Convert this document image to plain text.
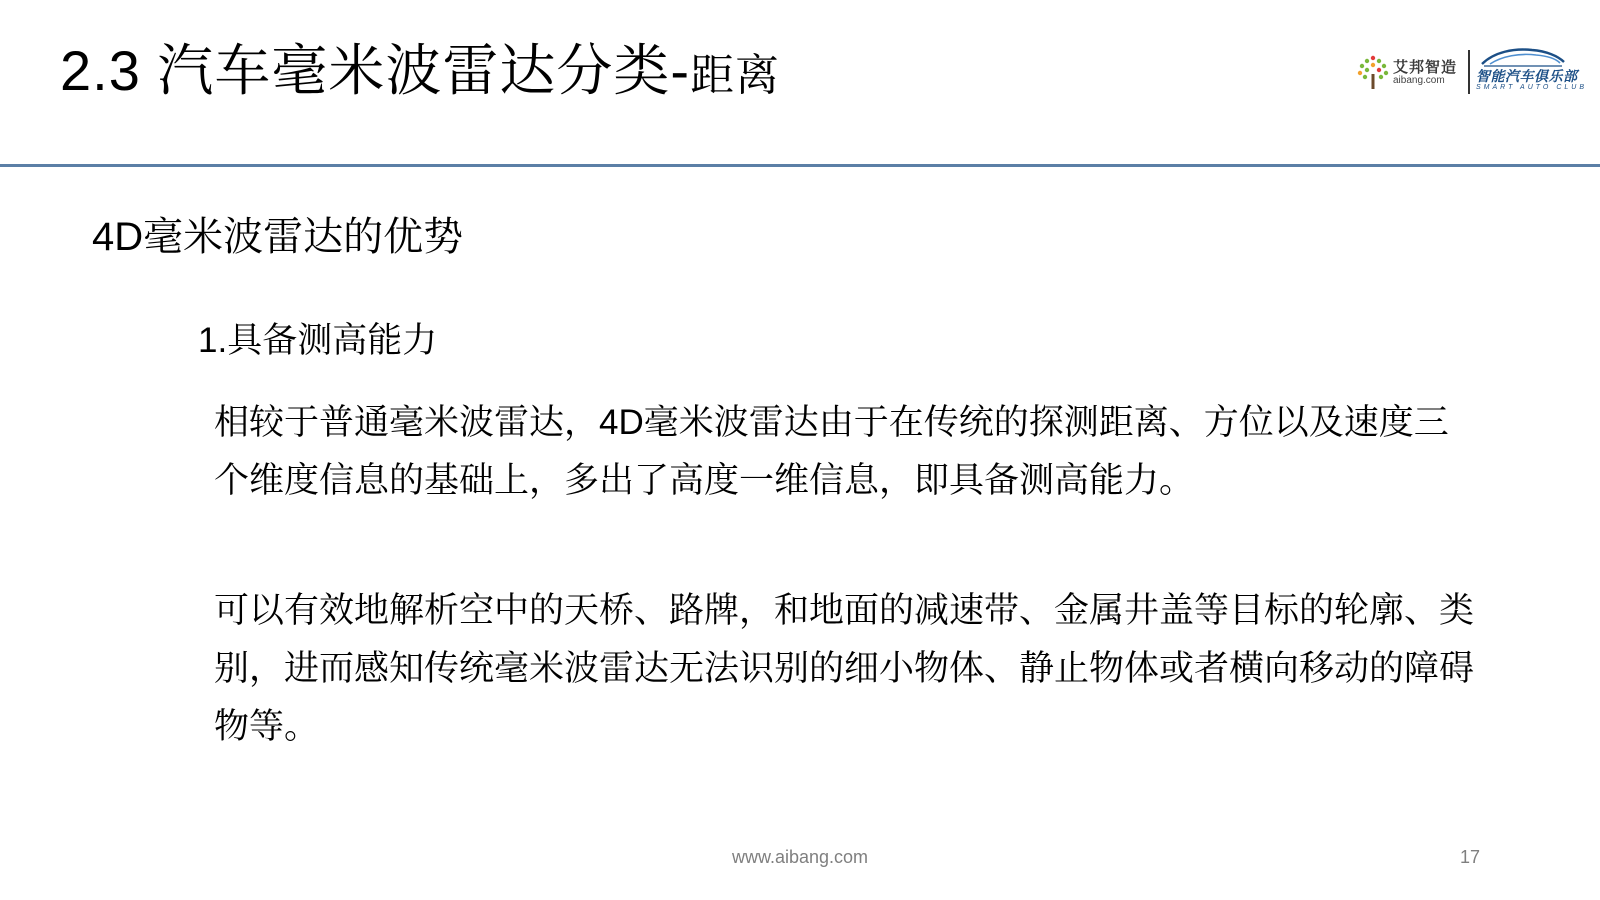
2.3 汽车毫米波雷达分类-距离	艾邦智造
aibang.com 智能汽车俱乐部
SMART AUTO CLUB
4D毫米波雷达的优势
1.具备测高能力

相较于普通毫米波雷达，4D毫米波雷达由于在传统的探测距离、方位以及速度三个维度信息的基础上，多出了高度一维信息，即具备测高能力。

可以有效地解析空中的天桥、路牌，和地面的减速带、金属井盖等目标的轮廓、类别，进而感知传统毫米波雷达无法识别的细小物体、静止物体或者横向移动的障碍物等。

www.aibang.com	17
